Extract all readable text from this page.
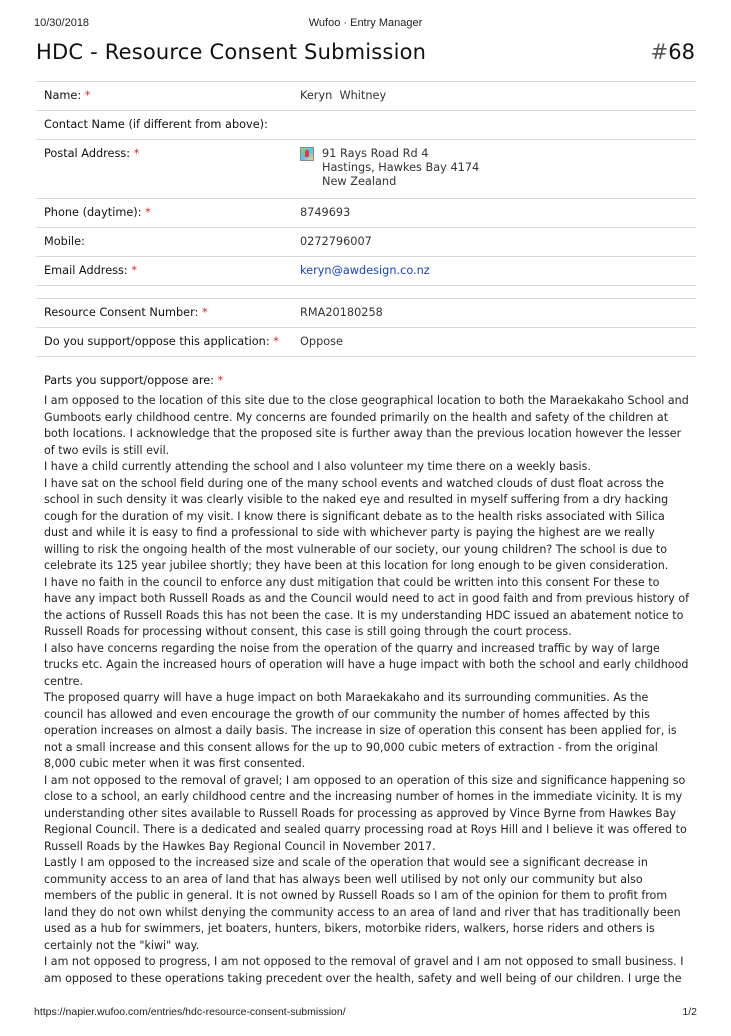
10/30/2018	Wufoo · Entry Manager
HDC - Resource Consent Submission	#68
Name: *	Keryn  Whitney
Contact Name (if different from above):	
Postal Address: *	91 Rays Road Rd 4
Hastings, Hawkes Bay 4174
New Zealand
Phone (daytime): *	8749693
Mobile:	0272796007
Email Address: *	keryn@awdesign.co.nz

Resource Consent Number: *	RMA20180258
Do you support/oppose this application: *	Oppose

Parts you support/oppose are: *

I am opposed to the location of this site due to the close geographical location to both the Maraekakaho School and Gumboots early childhood centre. My concerns are founded primarily on the health and safety of the children at both locations. I acknowledge that the proposed site is further away than the previous location however the lesser of two evils is still evil.

I have a child currently attending the school and I also volunteer my time there on a weekly basis.

I have sat on the school field during one of the many school events and watched clouds of dust float across the school in such density it was clearly visible to the naked eye and resulted in myself suffering from a dry hacking cough for the duration of my visit. I know there is significant debate as to the health risks associated with Silica dust and while it is easy to find a professional to side with whichever party is paying the highest are we really willing to risk the ongoing health of the most vulnerable of our society, our young children? The school is due to celebrate its 125 year jubilee shortly; they have been at this location for long enough to be given consideration.

I have no faith in the council to enforce any dust mitigation that could be written into this consent For these to have any impact both Russell Roads as and the Council would need to act in good faith and from previous history of the actions of Russell Roads this has not been the case. It is my understanding HDC issued an abatement notice to Russell Roads for processing without consent, this case is still going through the court process.

I also have concerns regarding the noise from the operation of the quarry and increased traffic by way of large trucks etc. Again the increased hours of operation will have a huge impact with both the school and early childhood centre.

The proposed quarry will have a huge impact on both Maraekakaho and its surrounding communities. As the council has allowed and even encourage the growth of our community the number of homes affected by this operation increases on almost a daily basis. The increase in size of operation this consent has been applied for, is not a small increase and this consent allows for the up to 90,000 cubic meters of extraction - from the original 8,000 cubic meter when it was first consented.

I am not opposed to the removal of gravel; I am opposed to an operation of this size and significance happening so close to a school, an early childhood centre and the increasing number of homes in the immediate vicinity. It is my understanding other sites available to Russell Roads for processing as approved by Vince Byrne from Hawkes Bay Regional Council. There is a dedicated and sealed quarry processing road at Roys Hill and I believe it was offered to Russell Roads by the Hawkes Bay Regional Council in November 2017.

Lastly I am opposed to the increased size and scale of the operation that would see a significant decrease in community access to an area of land that has always been well utilised by not only our community but also members of the public in general. It is not owned by Russell Roads so I am of the opinion for them to profit from land they do not own whilst denying the community access to an area of land and river that has traditionally been used as a hub for swimmers, jet boaters, hunters, bikers, motorbike riders, walkers, horse riders and others is certainly not the "kiwi" way.

I am not opposed to progress, I am not opposed to the removal of gravel and I am not opposed to small business. I am opposed to these operations taking precedent over the health, safety and well being of our children. I urge the

https://napier.wufoo.com/entries/hdc-resource-consent-submission/	1/2
